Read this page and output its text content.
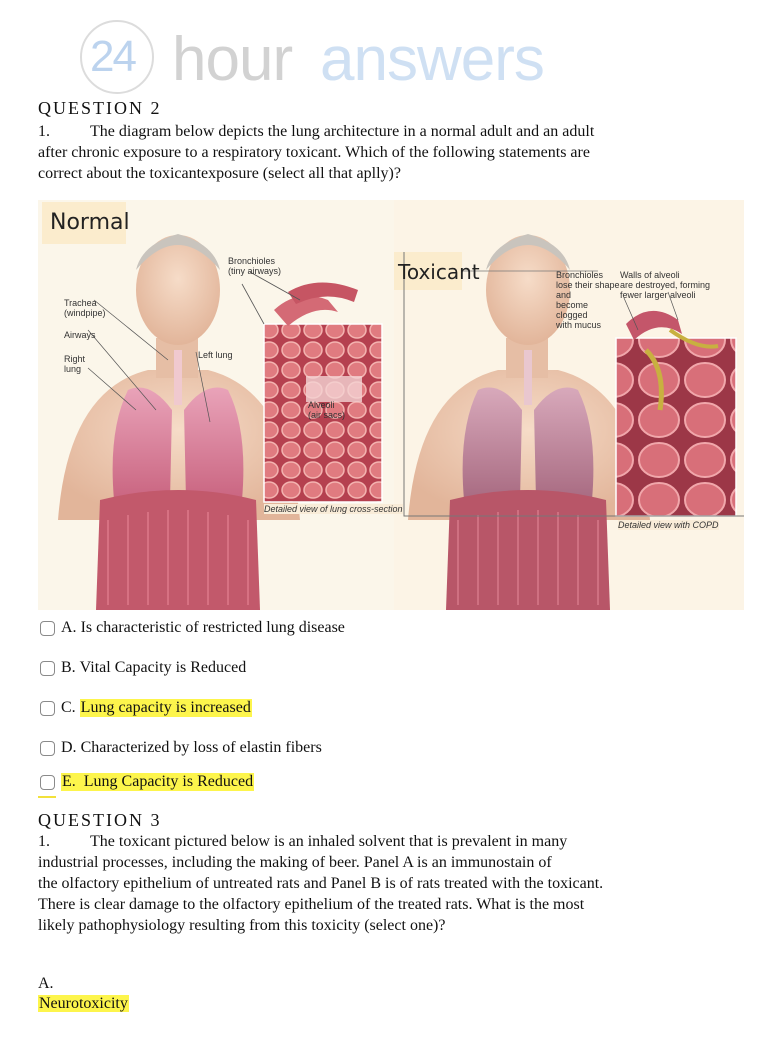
24 hour answers
QUESTION 2
1.	The diagram below depicts the lung architecture in a normal adult and an adult
after chronic exposure to a respiratory toxicant. Which of the following statements are
correct about the toxicantexposure (select all that aplly)?
Normal
Toxicant
Bronchioles
(tiny airways)
Trachea
(windpipe)
Airways
Right
lung
Left lung
Alveoli
(air sacs)
Detailed view of lung cross-section
Bronchioles
lose their shape
and
become
clogged
with mucus
Walls of alveoli
are destroyed, forming
fewer larger alveoli
Detailed view with COPD
A.
Is characteristic of restricted lung disease
B.
Vital Capacity is Reduced
C.
Lung capacity is increased
D.
Characterized by loss of elastin fibers
E.
Lung Capacity is Reduced
QUESTION 3
1.	The toxicant pictured below is an inhaled solvent that is prevalent in many
industrial processes, including the making of beer. Panel A is an immunostain of
the olfactory epithelium of untreated rats and Panel B is of rats treated with the toxicant.
There is clear damage to the olfactory epithelium of the treated rats. What is the most
likely pathophysiology resulting from this toxicity (select one)?
A.
Neurotoxicity
